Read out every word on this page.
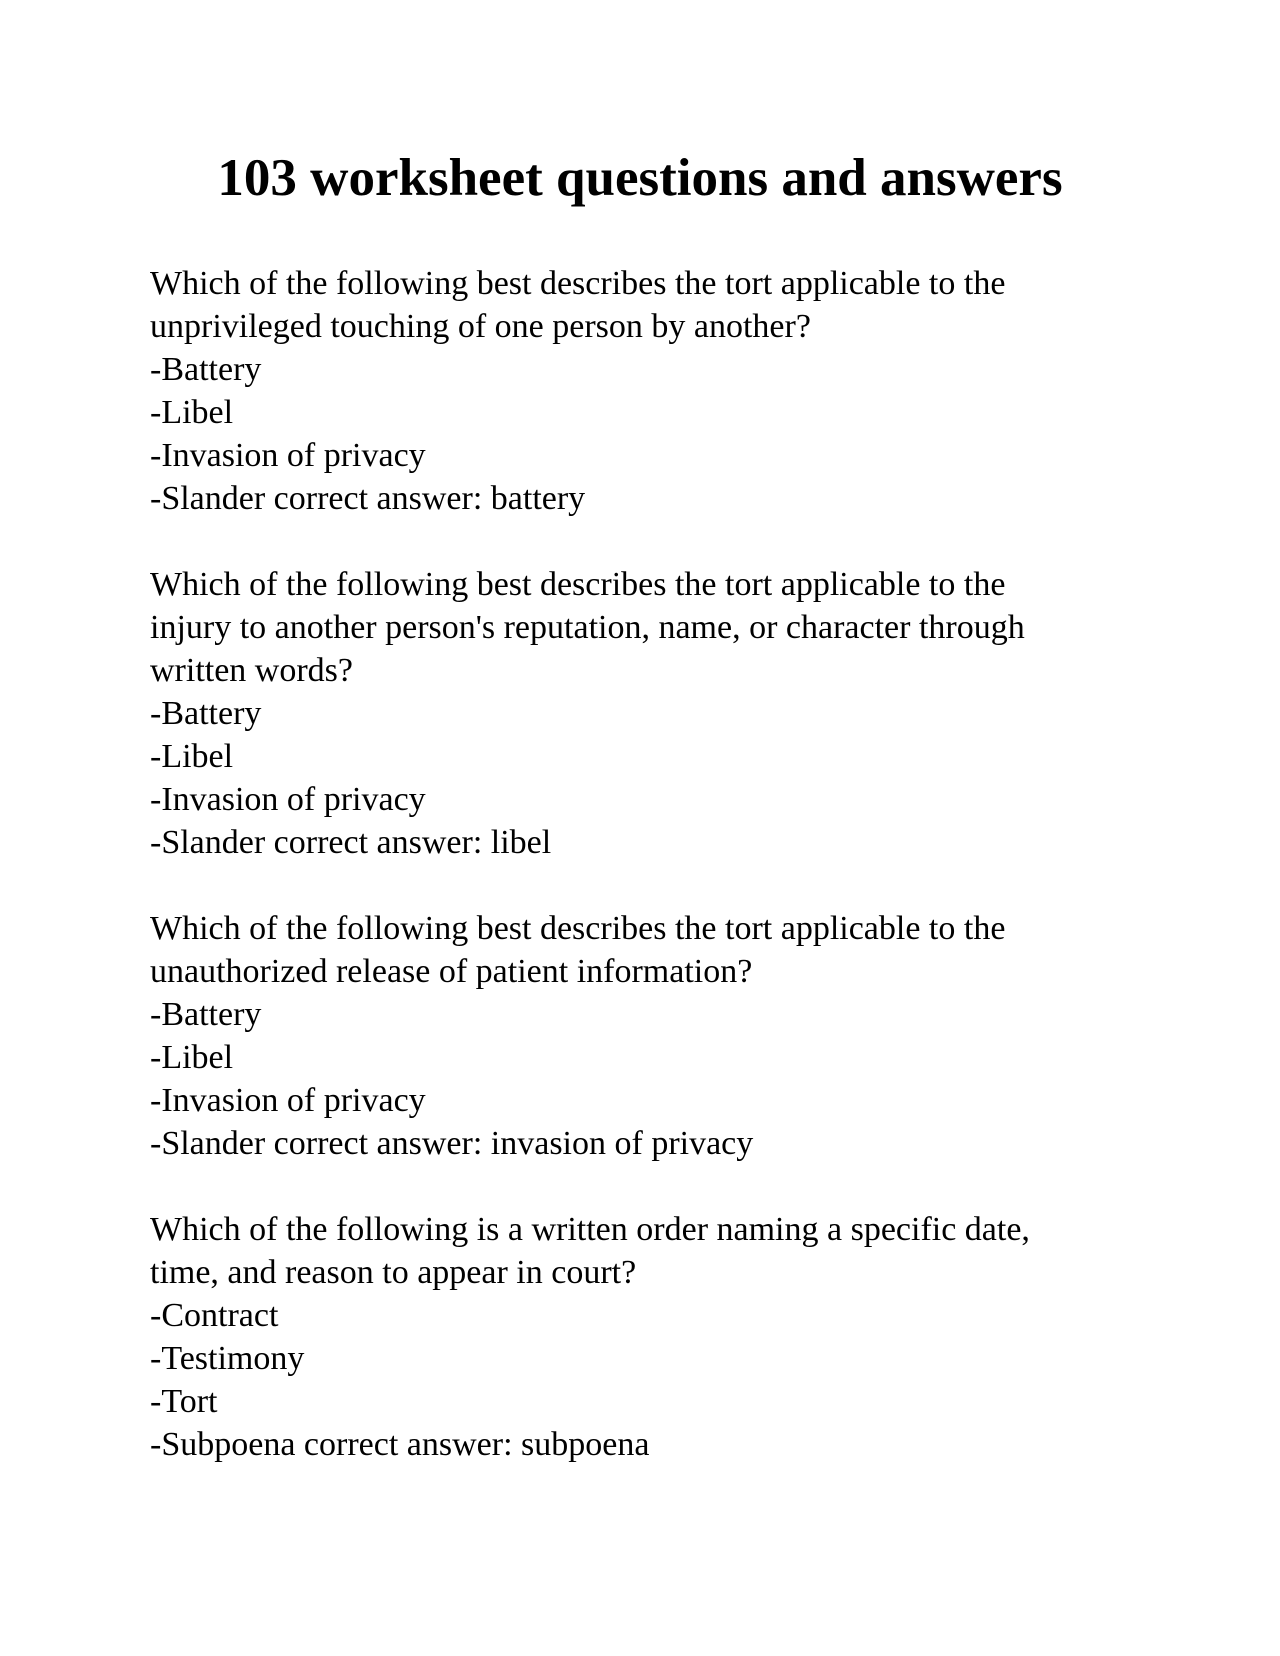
103 worksheet questions and answers
Which of the following best describes the tort applicable to the
unprivileged touching of one person by another?
-Battery
-Libel
-Invasion of privacy
-Slander correct answer: battery
Which of the following best describes the tort applicable to the
injury to another person's reputation, name, or character through
written words?
-Battery
-Libel
-Invasion of privacy
-Slander correct answer: libel
Which of the following best describes the tort applicable to the
unauthorized release of patient information?
-Battery
-Libel
-Invasion of privacy
-Slander correct answer: invasion of privacy
Which of the following is a written order naming a specific date,
time, and reason to appear in court?
-Contract
-Testimony
-Tort
-Subpoena correct answer: subpoena
